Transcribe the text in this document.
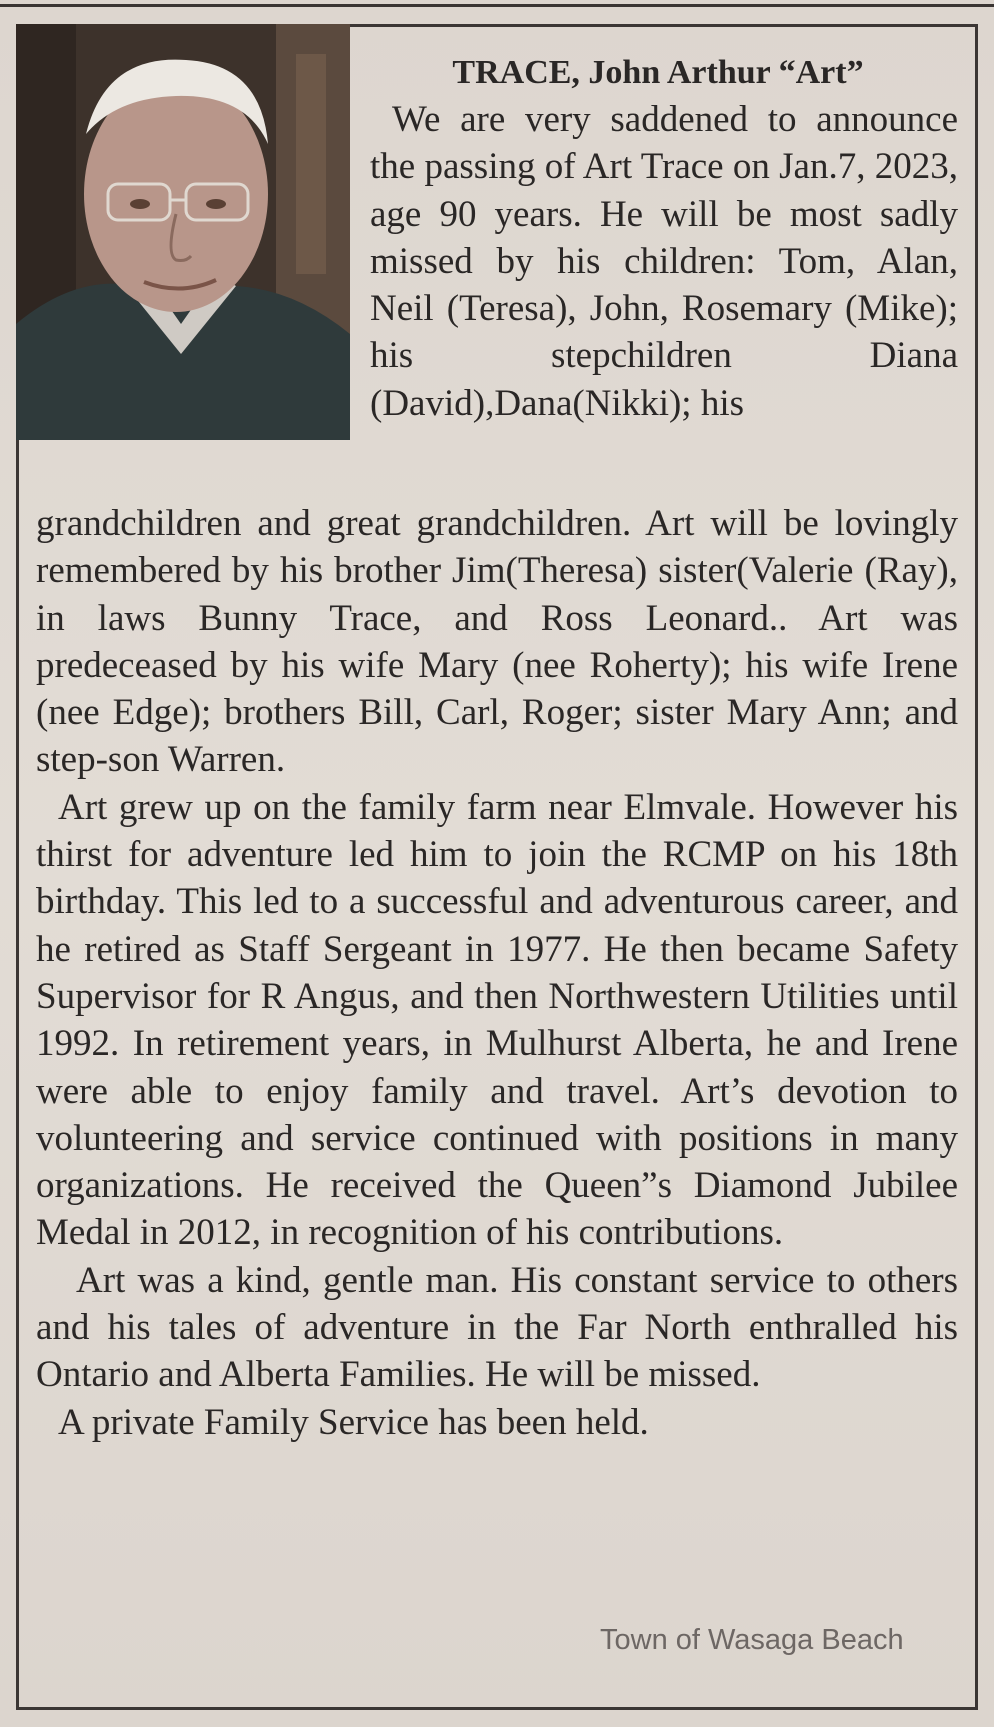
TRACE, John Arthur “Art”

We are very saddened to announce the passing of Art Trace on Jan.7, 2023, age 90 years. He will be most sadly missed by his children: Tom, Alan, Neil (Teresa), John, Rosemary (Mike); his stepchildren Diana (David),Dana(Nikki); his

grandchildren and great grandchildren. Art will be lovingly remembered by his brother Jim(Theresa) sister(Valerie (Ray), in laws Bunny Trace, and Ross Leonard.. Art was predeceased by his wife Mary (nee Roherty); his wife Irene (nee Edge); brothers Bill, Carl, Roger; sister Mary Ann; and step-son Warren.

Art grew up on the family farm near Elmvale. However his thirst for adventure led him to join the RCMP on his 18th birthday. This led to a successful and adventurous career, and he retired as Staff Sergeant in 1977. He then became Safety Supervisor for R Angus, and then Northwestern Utilities until 1992. In retirement years, in Mulhurst Alberta, he and Irene were able to enjoy family and travel. Art’s devotion to volunteering and service continued with positions in many organizations. He received the Queen”s Diamond Jubilee Medal in 2012, in recognition of his contributions.

Art was a kind, gentle man. His constant service to others and his tales of adventure in the Far North enthralled his Ontario and Alberta Families. He will be missed.

A private Family Service has been held.

Town of Wasaga Beach
